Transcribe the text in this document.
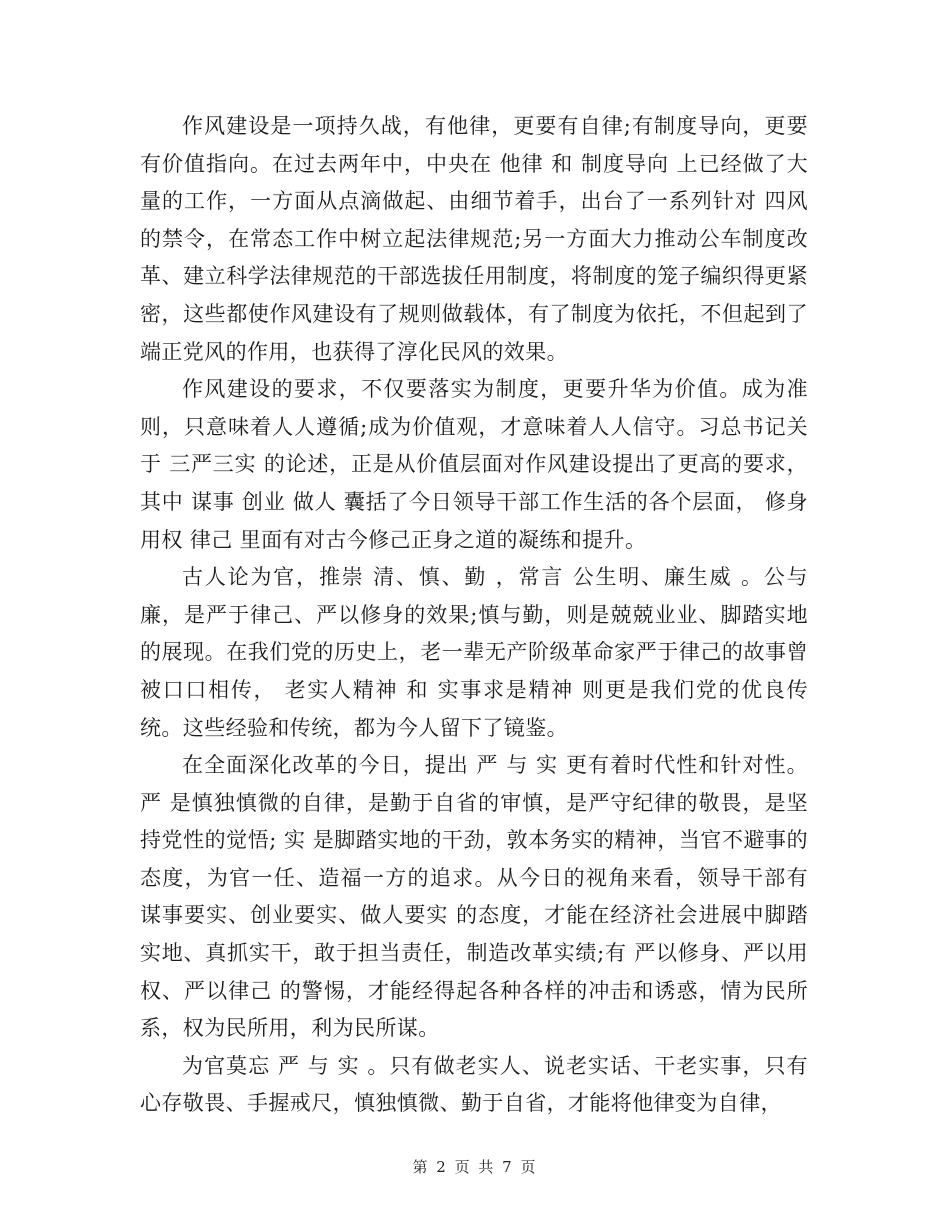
作风建设是一项持久战，有他律，更要有自律;有制度导向，更要有价值指向。在过去两年中，中央在 他律 和 制度导向 上已经做了大量的工作，一方面从点滴做起、由细节着手，出台了一系列针对 四风 的禁令，在常态工作中树立起法律规范;另一方面大力推动公车制度改革、建立科学法律规范的干部选拔任用制度，将制度的笼子编织得更紧密，这些都使作风建设有了规则做载体，有了制度为依托，不但起到了端正党风的作用，也获得了淳化民风的效果。

作风建设的要求，不仅要落实为制度，更要升华为价值。成为准则，只意味着人人遵循;成为价值观，才意味着人人信守。习总书记关于 三严三实 的论述，正是从价值层面对作风建设提出了更高的要求，其中 谋事 创业 做人 囊括了今日领导干部工作生活的各个层面， 修身 用权 律己 里面有对古今修己正身之道的凝练和提升。

古人论为官，推崇 清、慎、勤 ，常言 公生明、廉生威 。公与廉，是严于律己、严以修身的效果;慎与勤，则是兢兢业业、脚踏实地的展现。在我们党的历史上，老一辈无产阶级革命家严于律己的故事曾被口口相传， 老实人精神 和 实事求是精神 则更是我们党的优良传统。这些经验和传统，都为今人留下了镜鉴。

在全面深化改革的今日，提出 严 与 实 更有着时代性和针对性。 严 是慎独慎微的自律，是勤于自省的审慎，是严守纪律的敬畏，是坚持党性的觉悟; 实 是脚踏实地的干劲，敦本务实的精神，当官不避事的态度，为官一任、造福一方的追求。从今日的视角来看，领导干部有 谋事要实、创业要实、做人要实 的态度，才能在经济社会进展中脚踏实地、真抓实干，敢于担当责任，制造改革实绩;有 严以修身、严以用权、严以律己 的警惕，才能经得起各种各样的冲击和诱惑，情为民所系，权为民所用，利为民所谋。

为官莫忘 严 与 实 。只有做老实人、说老实话、干老实事，只有心存敬畏、手握戒尺，慎独慎微、勤于自省，才能将他律变为自律，

第 2 页 共 7 页
